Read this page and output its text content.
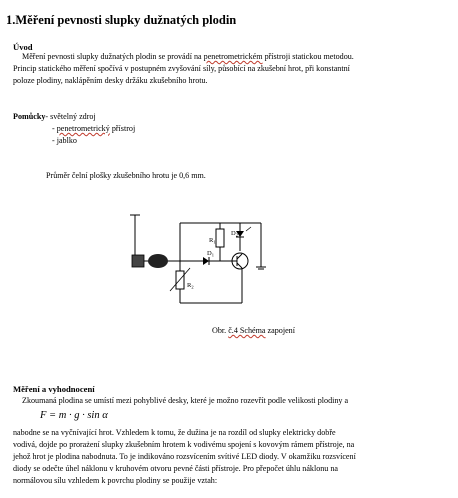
1.Měření pevnosti slupky dužnatých plodin
Úvod
Měření pevnosti slupky dužnatých plodin se provádí na penetrometrickém přístroji statickou metodou.
Princip statického měření spočívá v postupném zvyšování síly, působící na zkušební hrot, při konstantní
poloze plodiny, naklápěním desky držáku zkušebního hrotu.
Pomůcky- světelný zdroj
- penetrometrický přístroj
- jablko
Průměr čelní plošky zkušebního hrotu je 0,6 mm.
$R_1$
$R_2$
$D_1$
$D_2$
Obr. č.4 Schéma zapojení
Měření a vyhodnocení
Zkoumaná plodina se umístí mezi pohyblivé desky, které je možno rozevřít podle velikosti plodiny a
F = m · g · sin α
nabodne se na vyčnívající hrot. Vzhledem k tomu, že dužina je na rozdíl od slupky elektricky dobře
vodivá, dojde po prorażení slupky zkušebním hrotem k vodivému spojení s kovovým rámem přístroje, na
jehož hrot je plodina nabodnuta. To je indikováno rozsvícením svítivé LED diody. V okamžiku rozsvícení
diody se odečte úhel náklonu v kruhovém otvoru pevné části přístroje. Pro přepočet úhlu náklonu na
normálovou sílu vzhledem k povrchu plodiny se použije vztah:
